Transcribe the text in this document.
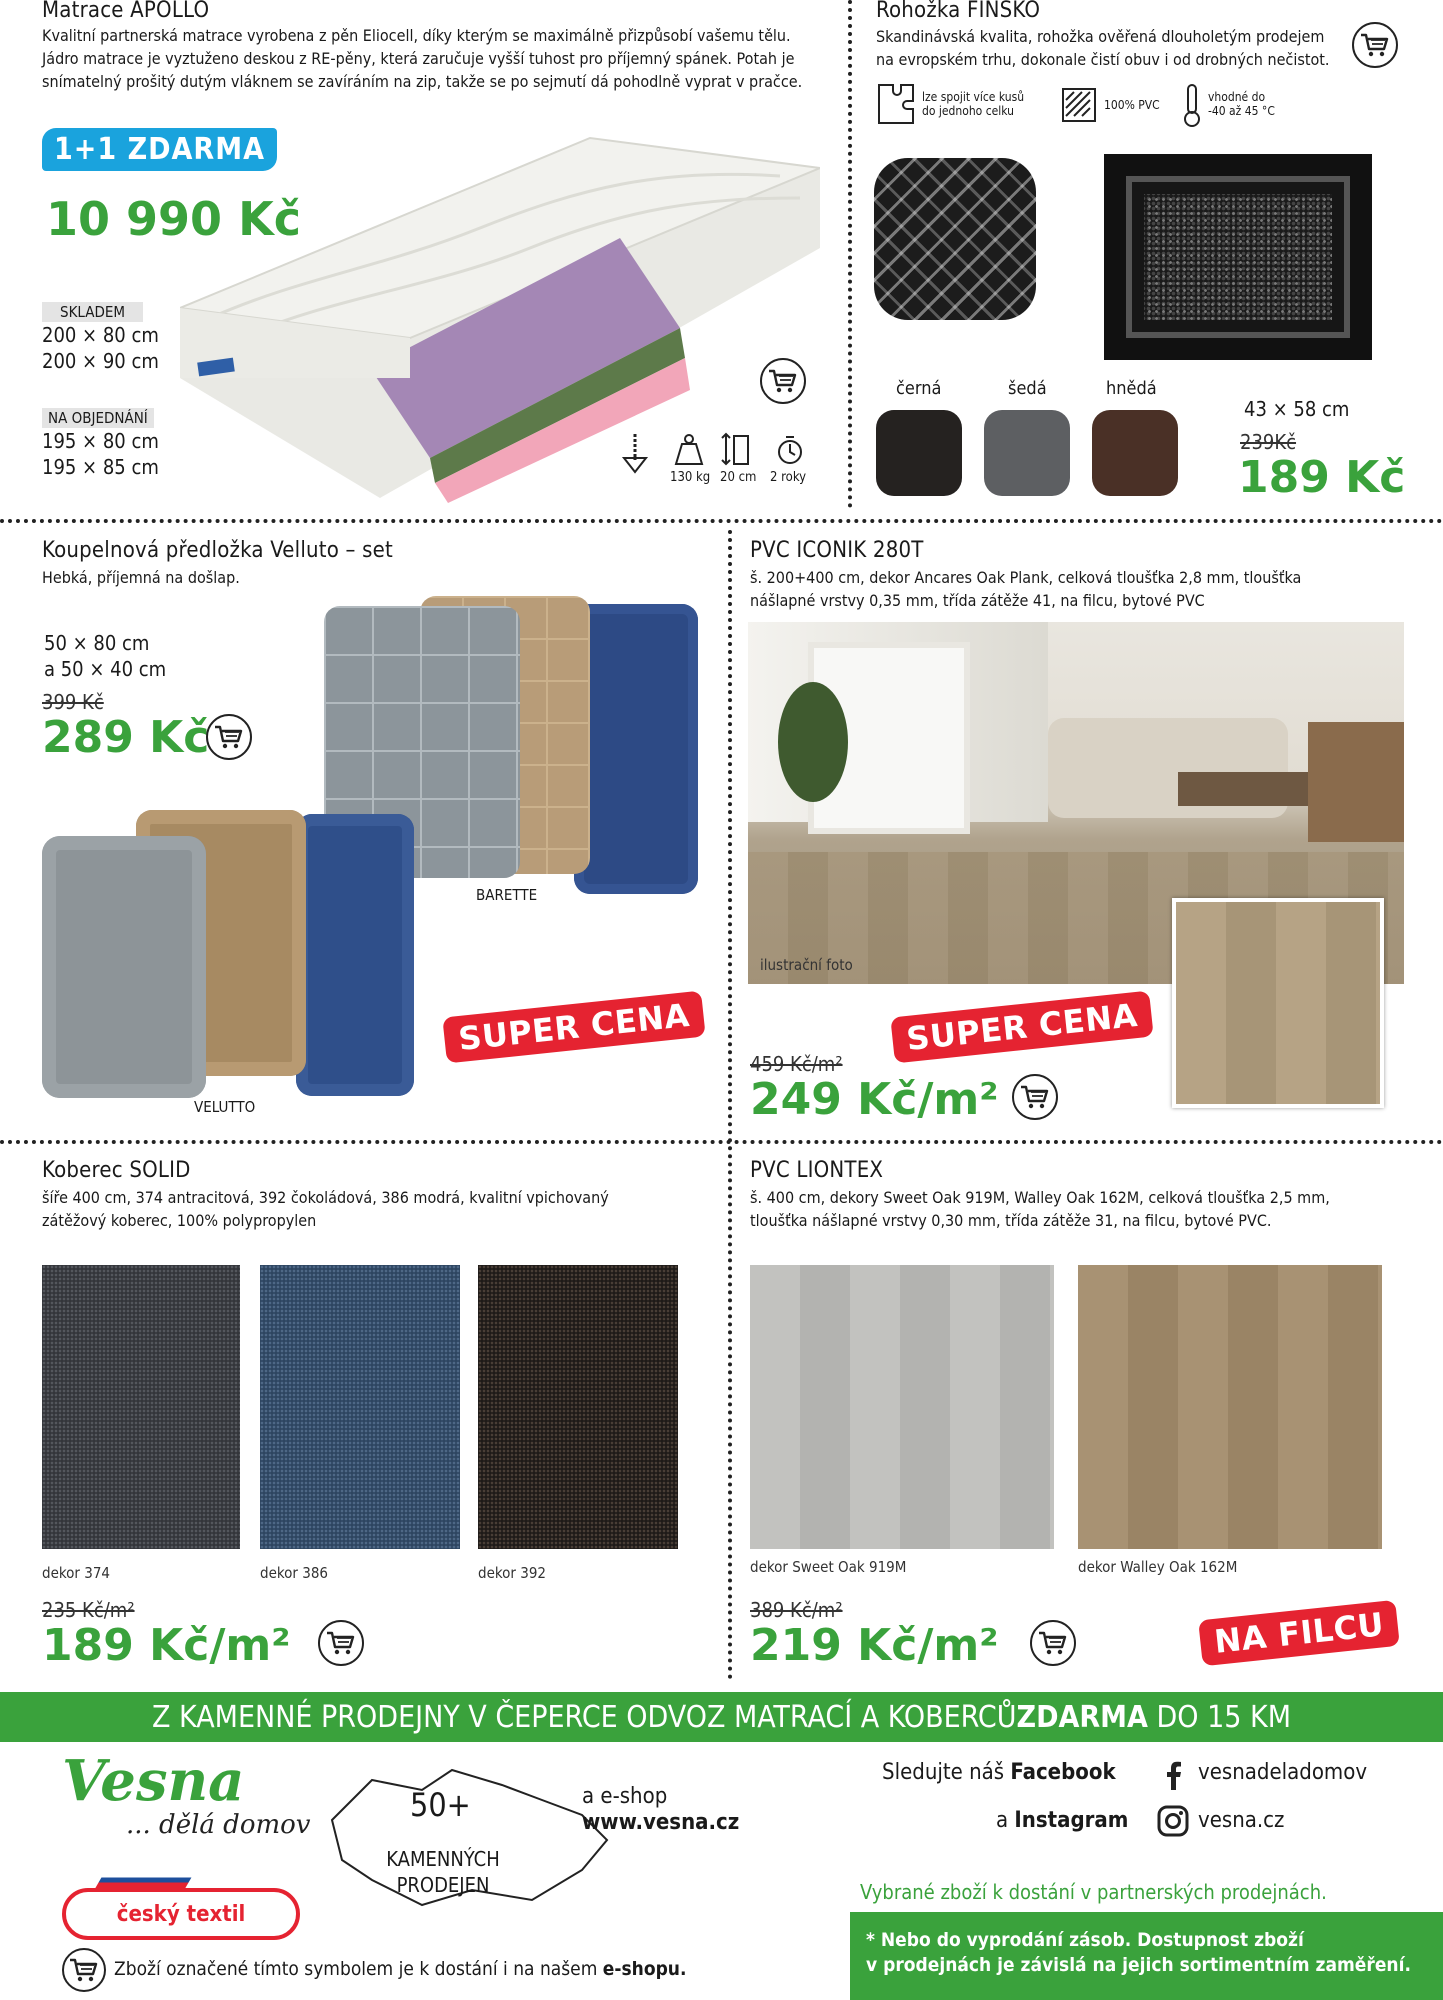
Matrace APOLLO
Kvalitní partnerská matrace vyrobena z pěn Eliocell, díky kterým se maximálně přizpůsobí vašemu tělu.
Jádro matrace je vyztuženo deskou z RE-pěny, která zaručuje vyšší tuhost pro příjemný spánek. Potah je
snímatelný prošitý dutým vláknem se zavíráním na zip, takže se po sejmutí dá pohodlně vyprat v pračce.
1+1 ZDARMA
10 990 Kč
SKLADEM
200 × 80 cm
200 × 90 cm
NA OBJEDNÁNÍ
195 × 80 cm
195 × 85 cm	130 kg 20 cm 2 roky
Rohožka FINSKO
Skandinávská kvalita, rohožka ověřená dlouholetým prodejem
na evropském trhu, dokonale čistí obuv i od drobných nečistot.
lze spojit více kusů
do jednoho celku	100% PVC
vhodné do
-40 až 45 °C
černá	šedá	hnědá
43 × 58 cm
239Kč
189 Kč
Koupelnová předložka Velluto – set
Hebká, příjemná na došlap.
50 × 80 cm
a 50 × 40 cm
399 Kč
289 Kč
BARETTE
VELUTTO
SUPER CENA
PVC ICONIK 280T
š. 200+400 cm, dekor Ancares Oak Plank, celková tloušťka 2,8 mm, tloušťka
nášlapné vrstvy 0,35 mm, třída zátěže 41, na filcu, bytové PVC
ilustrační foto
SUPER CENA
459 Kč/m²
249 Kč/m²
Koberec SOLID
šíře 400 cm, 374 antracitová, 392 čokoládová, 386 modrá, kvalitní vpichovaný
zátěžový koberec, 100% polypropylen
dekor 374	dekor 386	dekor 392
235 Kč/m²
189 Kč/m²
PVC LIONTEX
š. 400 cm, dekory Sweet Oak 919M, Walley Oak 162M, celková tloušťka 2,5 mm,
tloušťka nášlapné vrstvy 0,30 mm, třída zátěže 31, na filcu, bytové PVC.
dekor Sweet Oak 919M	dekor Walley Oak 162M
389 Kč/m²
219 Kč/m²	NA FILCU
Z KAMENNÉ PRODEJNY V ČEPERCE ODVOZ MATRACÍ A KOBERCŮ ZDARMA DO 15 KM
Vesna
... dělá domov
50+
KAMENNÝCH
PRODEJEN
a e-shop
www.vesna.cz
český textil
Zboží označené tímto symbolem je k dostání i na našem e-shopu.
Sledujte náš Facebook	vesnadeladomov
a Instagram	vesna.cz
Vybrané zboží k dostání v partnerských prodejnách.
* Nebo do vyprodání zásob. Dostupnost zboží
v prodejnách je závislá na jejich sortimentním zaměření.
